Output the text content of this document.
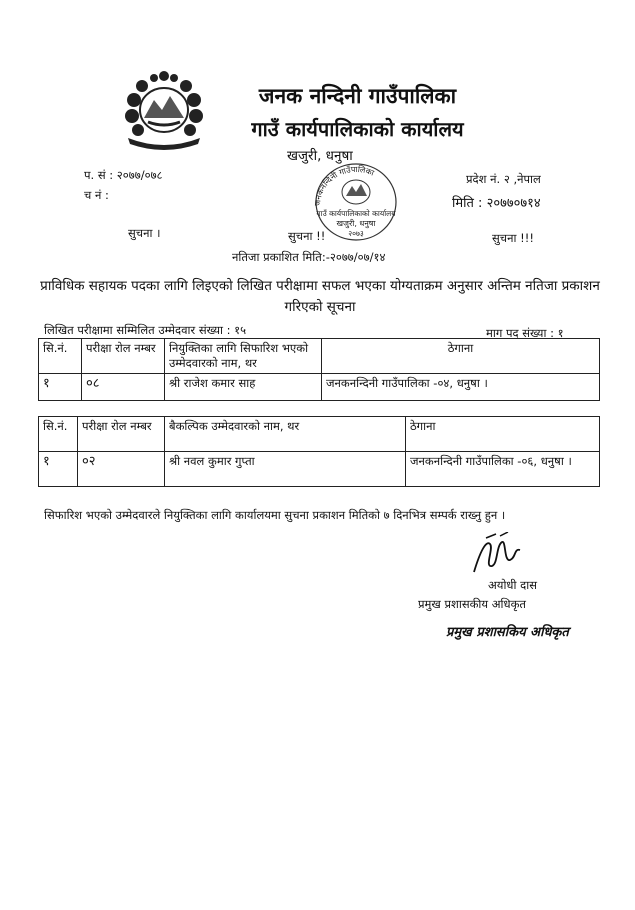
जनक नन्दिनी गाउँपालिका
गाउँ कार्यपालिकाको कार्यालय
खजुरी, धनुषा
प. सं : २०७७/०७८
च नं :
प्रदेश नं. २ ,नेपाल
मिति : २०७७०७१४
जनकनन्दिनी गाउँपालिका
गाउँ कार्यपालिकाको कार्यालय
खजुरी, धनुषा
२०७३
सुचना ।	सुचना !!	सुचना !!!
नतिजा प्रकाशित मिति:-२०७७/०७/१४
प्राविधिक सहायक पदका लागि लिइएको लिखित परीक्षामा सफल भएका योग्यताक्रम अनुसार अन्तिम नतिजा प्रकाशन गरिएको सूचना
लिखित परीक्षामा सम्मिलित उम्मेदवार संख्या : १५	माग पद संख्या : १
सि.नं.	परीक्षा रोल नम्बर	नियुक्तिका लागि सिफारिश भएको उम्मेदवारको नाम, थर	ठेगाना
१	०८	श्री राजेश कमार साह	जनकनन्दिनी गाउँपालिका -०४, धनुषा ।
सि.नं.	परीक्षा रोल नम्बर	बैकल्पिक उम्मेदवारको नाम, थर	ठेगाना
१	०२	श्री नवल कुमार गुप्ता	जनकनन्दिनी गाउँपालिका -०६, धनुषा ।
सिफारिश भएको उम्मेदवारले नियुक्तिका लागि कार्यालयमा सुचना प्रकाशन मितिको ७ दिनभित्र सम्पर्क राख्नु हुन ।
अयोधी दास
प्रमुख प्रशासकीय अधिकृत
प्रमुख प्रशासकिय अधिकृत
